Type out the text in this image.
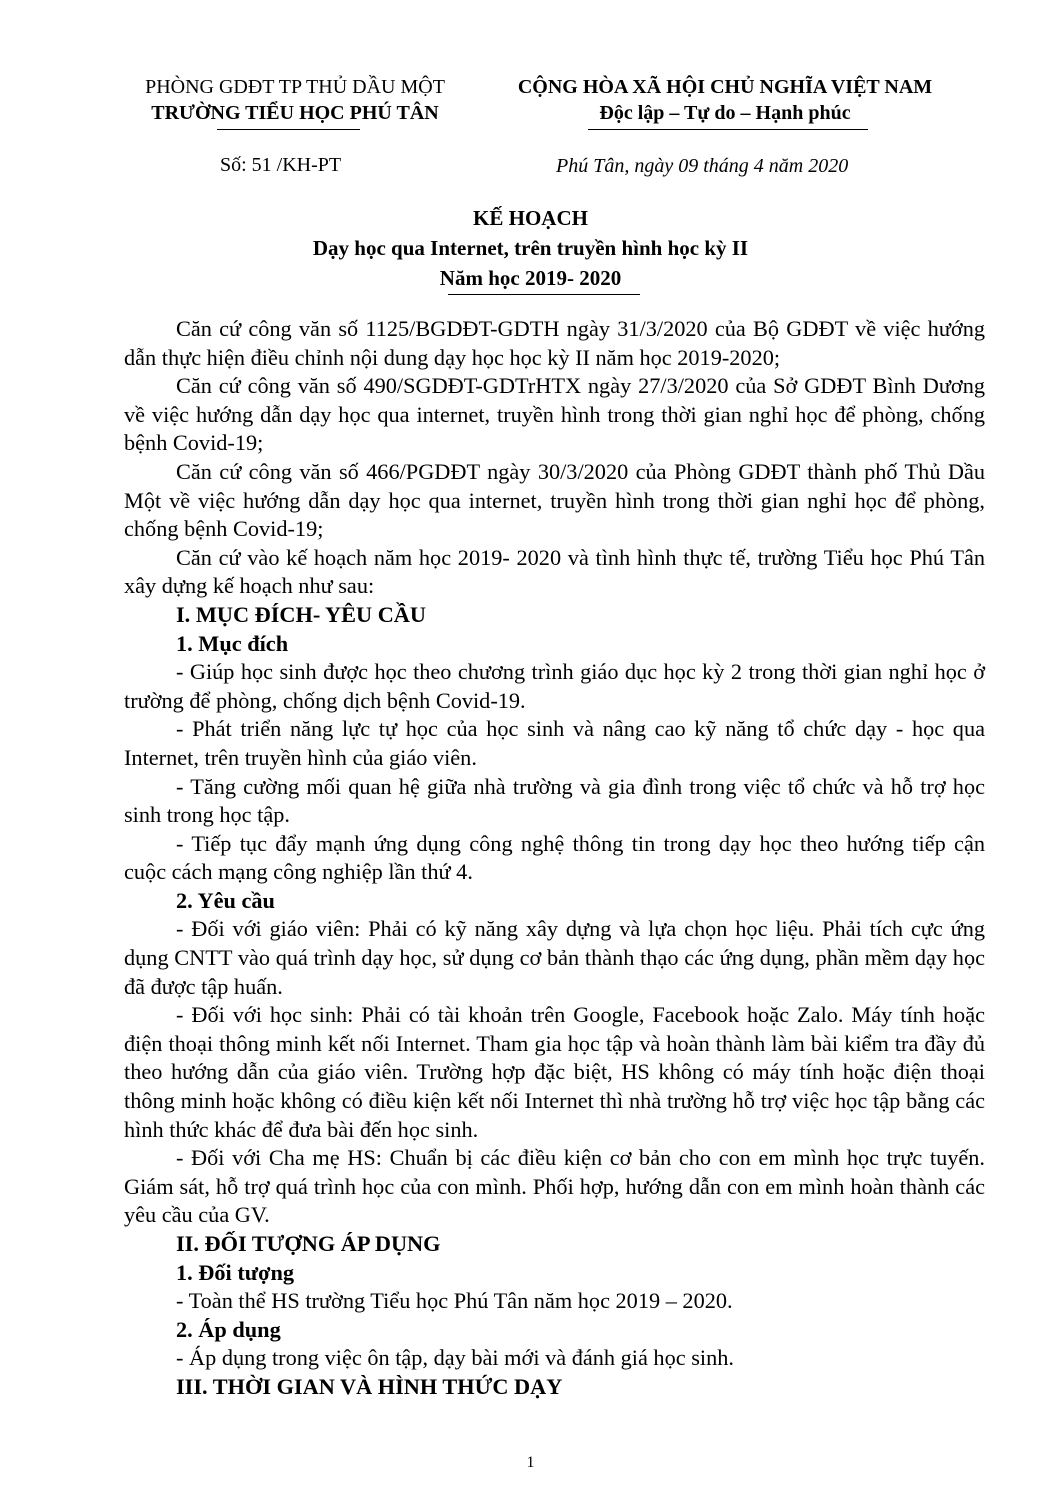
PHÒNG GDĐT TP THỦ DẦU MỘT
TRƯỜNG TIỂU HỌC PHÚ TÂN
CỘNG HÒA XÃ HỘI CHỦ NGHĨA VIỆT NAM
Độc lập – Tự do – Hạnh phúc
Số: 51 /KH-PT	Phú Tân, ngày 09 tháng 4 năm 2020
KẾ HOẠCH
Dạy học qua Internet, trên truyền hình học kỳ II
Năm học 2019- 2020

Căn cứ công văn số 1125/BGDĐT-GDTH ngày 31/3/2020 của Bộ GDĐT về việc hướng dẫn thực hiện điều chỉnh nội dung dạy học học kỳ II năm học 2019-2020;

Căn cứ công văn số 490/SGDĐT-GDTrHTX ngày 27/3/2020 của Sở GDĐT Bình Dương về việc hướng dẫn dạy học qua internet, truyền hình trong thời gian nghỉ học để phòng, chống bệnh Covid-19;

Căn cứ công văn số 466/PGDĐT ngày 30/3/2020 của Phòng GDĐT thành phố Thủ Dầu Một về việc hướng dẫn dạy học qua internet, truyền hình trong thời gian nghỉ học để phòng, chống bệnh Covid-19;

Căn cứ vào kế hoạch năm học 2019- 2020 và tình hình thực tế, trường Tiểu học Phú Tân xây dựng kế hoạch như sau:

I. MỤC ĐÍCH- YÊU CẦU

1. Mục đích

- Giúp học sinh được học theo chương trình giáo dục học kỳ 2 trong thời gian nghỉ học ở trường để phòng, chống dịch bệnh Covid-19.

- Phát triển năng lực tự học của học sinh và nâng cao kỹ năng tổ chức dạy - học qua Internet, trên truyền hình của giáo viên.

- Tăng cường mối quan hệ giữa nhà trường và gia đình trong việc tổ chức và hỗ trợ học sinh trong học tập.

- Tiếp tục đẩy mạnh ứng dụng công nghệ thông tin trong dạy học theo hướng tiếp cận cuộc cách mạng công nghiệp lần thứ 4.

2. Yêu cầu

- Đối với giáo viên: Phải có kỹ năng xây dựng và lựa chọn học liệu. Phải tích cực ứng dụng CNTT vào quá trình dạy học, sử dụng cơ bản thành thạo các ứng dụng, phần mềm dạy học đã được tập huấn.

- Đối với học sinh: Phải có tài khoản trên Google, Facebook hoặc Zalo. Máy tính hoặc điện thoại thông minh kết nối Internet. Tham gia học tập và hoàn thành làm bài kiểm tra đầy đủ theo hướng dẫn của giáo viên. Trường hợp đặc biệt, HS không có máy tính hoặc điện thoại thông minh hoặc không có điều kiện kết nối Internet thì nhà trường hỗ trợ việc học tập bằng các hình thức khác để đưa bài đến học sinh.

- Đối với Cha mẹ HS: Chuẩn bị các điều kiện cơ bản cho con em mình học trực tuyến. Giám sát, hỗ trợ quá trình học của con mình. Phối hợp, hướng dẫn con em mình hoàn thành các yêu cầu của GV.

II. ĐỐI TƯỢNG ÁP DỤNG

1. Đối tượng

- Toàn thể HS trường Tiểu học Phú Tân năm học 2019 – 2020.

2. Áp dụng

- Áp dụng trong việc ôn tập, dạy bài mới và đánh giá học sinh.

III. THỜI GIAN VÀ HÌNH THỨC DẠY

1
